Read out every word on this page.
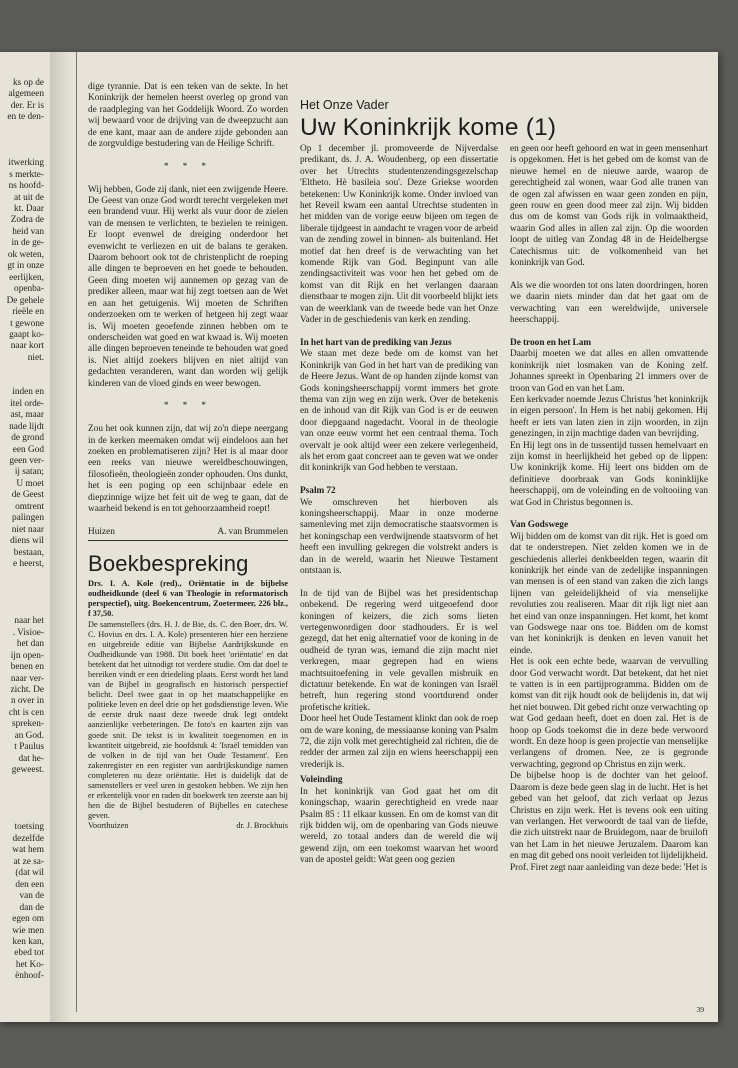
ks op de
algemeen
der. Er is
en te den-

itwerking
s merkte-
ns hoofd-
at uit de
kt. Daar
Zodra de
heid van
in de ge-
ok weten,
gt in onze
eerlijken,
openba-
De gehele
rieële en
t gewone
gaapt ko-
naar kort
niet.

inden en
itel orde-
ast, maar
nade lijdt
de grond
een God
geen ver-
ij satan;
U moet
de Geest
omtrent
palingen
niet naar
diens wil
bestaan,
e heerst,

naar het
. Visioe-
het dan
ijn open-
benen en
naar ver-
zicht. De
n over in
cht is cen
spreken-
an God.
t Paulus
dat he-
geweest.

toetsing
dezelfde
wat hem
at ze sa-
(dat wil
den een
van de
dan de
egen om
wie men
ken kan,
ebed tot
het Ko-
ënhoof-

dige tyrannie. Dat is een teken van de sekte. In het Koninkrijk der hemelen heerst overleg op grond van de raadpleging van het Goddelijk Woord. Zo worden wij bewaard voor de drijving van de dweepzucht aan de ene kant, maar aan de andere zijde gebonden aan de zorgvuldige bestudering van de Heilige Schrift.

* * *

Wij hebben, Gode zij dank, niet een zwijgende Heere. De Geest van onze God wordt terecht vergeleken met een brandend vuur. Hij werkt als vuur door de zielen van de mensen te verlichten, te bezielen te reinigen. Er loopt evenwel de dreiging onderdoor het evenwicht te verliezen en uit de balans te geraken. Daarom behoort ook tot de christenplicht de roeping alle dingen te beproeven en het goede te behouden. Geen ding moeten wij aannemen op gezag van de prediker alleen, maar wat hij zegt toetsen aan de Wet en aan het getuigenis. Wij moeten de Schriften onderzoeken om te werken of hetgeen hij zegt waar is. Wij moeten geoefende zinnen hebben om te onderscheiden wat goed en wat kwaad is. Wij moeten alle dingen beproeven teneinde te behouden wat goed is. Niet altijd zoekers blijven en niet altijd van gedachten veranderen, want dan worden wij gelijk kinderen van de vloed ginds en weer bewogen.

* * *

Zou het ook kunnen zijn, dat wij zo'n diepe neergang in de kerken meemaken omdat wij eindeloos aan het zoeken en problematiseren zijn? Het is al maar door een reeks van nieuwe wereldbeschouwingen, filosofieën, theologieën zonder ophouden. Ons dunkt, het is een poging op een schijnbaar edele en diepzinnige wijze het feit uit de weg te gaan, dat de waarheid bekend is en tot gehoorzaamheid roept!

Huizen	A. van Brummelen
Boekbespreking

Drs. I. A. Kole (red)., Oriëntatie in de bijbelse oudheidkunde (deel 6 van Theologie in reformatorisch perspectief), uitg. Boekencentrum, Zoetermeer, 226 blz., f 37,50.

De samenstellers (drs. H. J. de Bie, ds. C. den Boer, drs. W. C. Hovius en drs. I. A. Kole) presenteren hier een herziene en uitgebreide editie van Bijbelse Aardrijkskunde en Oudheidkunde van 1988. Dit boek heet 'oriëntatie' en dat betekent dat het uitnodigt tot verdere studie. Om dat doel te bereiken vindt er een driedeling plaats. Eerst wordt het land van de Bijbel in geografisch en historisch perspectief belicht. Deel twee gaat in op het maatschappelijke en politieke leven en deel drie op het godsdienstige leven. Wie de eerste druk naast deze tweede druk legt ontdekt aanzienlijke verbeteringen. De foto's en kaarten zijn van goede snit. De tekst is in kwaliteit toegenomen en in kwantiteit uitgebreid, zie hoofdstuk 4: 'Israël temidden van de volken in de tijd van het Oude Testament'. Een zakenregister en een register van aardrijkskundige namen completeren nu deze oriëntatie. Het is duidelijk dat de samenstellers er veel uren in gestoken hebben. We zijn hen er erkentelijk voor en raden dit boekwerk ten zeerste aan bij hen die de Bijbel bestuderen of Bijbelles en catechese geven.

Voorthuizen	dr. J. Brockhuis
Het Onze Vader
Uw Koninkrijk kome (1)

Op 1 december jl. promoveerde de Nijverdalse predikant, ds. J. A. Woudenberg, op een dissertatie over het Utrechts studentenzendingsgezelschap 'Eltheto. Hè basileia sou'. Deze Griekse woorden betekenen: Uw Koninkrijk kome. Onder invloed van het Reveil kwam een aantal Utrechtse studenten in het midden van de vorige eeuw bijeen om tegen de liberale tijdgeest in aandacht te vragen voor de arbeid van de zending zowel in binnen- als buitenland. Het motief dat hen dreef is de verwachting van het komende Rijk van God. Beginpunt van alle zendingsactiviteit was voor hen het gebed om de komst van dit Rijk en het verlangen daaraan dienstbaar te mogen zijn. Uit dit voorbeeld blijkt iets van de weerklank van de tweede bede van het Onze Vader in de geschiedenis van kerk en zending.

In het hart van de prediking van Jezus

We staan met deze bede om de komst van het Koninkrijk van God in het hart van de prediking van de Heere Jezus. Want de op handen zijnde komst van Gods koningsheerschappij vormt immers het grote thema van zijn weg en zijn werk. Over de betekenis en de inhoud van dit Rijk van God is er de eeuwen door diepgaand nagedacht. Vooral in de theologie van onze eeuw vormt het een centraal thema. Toch overvalt je ook altijd weer een zekere verlegenheid, als het erom gaat concreet aan te geven wat we onder dit koninkrijk van God hebben te verstaan.

Psalm 72

We omschreven het hierboven als koningsheerschappij. Maar in onze moderne samenleving met zijn democratische staatsvormen is het koningschap een verdwijnende staatsvorm of het heeft een invulling gekregen die volstrekt anders is dan in de wereld, waarin het Nieuwe Testament ontstaan is.

In de tijd van de Bijbel was het presidentschap onbekend. De regering werd uitgeoefend door koningen of keizers, die zich soms lieten vertegenwoordigen door stadhouders. Er is wel gezegd, dat het enig alternatief voor de koning in de oudheid de tyran was, iemand die zijn macht niet verkregen, maar gegrepen had en wiens machtsuitoefening in vele gevallen misbruik en dictatuur betekende. En wat de koningen van Israël betreft, hun regering stond voortdurend onder profetische kritiek.

Door heel het Oude Testament klinkt dan ook de roep om de ware koning, de messiaanse koning van Psalm 72, die zijn volk met gerechtigheid zal richten, die de redder der armen zal zijn en wiens heerschappij een vrederijk is.

Voleinding

In het koninkrijk van God gaat het om dit koningschap, waarin gerechtigheid en vrede naar Psalm 85 : 11 elkaar kussen. En om de komst van dit rijk bidden wij, om de openbaring van Gods nieuwe wereld, zo totaal anders dan de wereld die wij gewend zijn, om een toekomst waarvan het woord van de apostel geldt: Wat geen oog gezien

en geen oor heeft gehoord en wat in geen mensenhart is opgekomen. Het is het gebed om de komst van de nieuwe hemel en de nieuwe aarde, waarop de gerechtigheid zal wonen, waar God alle tranen van de ogen zal afwissen en waar geen zonden en pijn, geen rouw en geen dood meer zal zijn. Wij bidden dus om de komst van Gods rijk in volmaaktheid, waarin God alles in allen zal zijn. Op die woorden loopt de uitleg van Zondag 48 in de Heidelbergse Catechismus uit: de volkomenheid van het koninkrijk van God.

Als we die woorden tot ons laten doordringen, horen we daarin niets minder dan dat het gaat om de verwachting van een wereldwijde, universele heerschappij.

De troon en het Lam

Daarbij moeten we dat alles en allen omvattende koninkrijk niet losmaken van de Koning zelf. Johannes spreekt in Openbaring 21 immers over de troon van God en van het Lam.

Een kerkvader noemde Jezus Christus 'het koninkrijk in eigen persoon'. In Hem is het nabij gekomen. Hij heeft er iets van laten zien in zijn woorden, in zijn genezingen, in zijn machtige daden van bevrijding.

En Hij legt ons in de tussentijd tussen hemelvaart en zijn komst in heerlijkheid het gebed op de lippen: Uw koninkrijk kome. Hij leert ons bidden om de definitieve doorbraak van Gods koninklijke heerschappij, om de voleinding en de voltooiing van wat God in Christus begonnen is.

Van Godswege

Wij bidden om de komst van dit rijk. Het is goed om dat te onderstrepen. Niet zelden komen we in de geschiedenis allerlei denkbeelden tegen, waarin dit koninkrijk het einde van de zedelijke inspanningen van mensen is of een stand van zaken die zich langs lijnen van geleidelijkheid of via menselijke revoluties zou realiseren. Maar dit rijk ligt niet aan het eind van onze inspanningen. Het komt, het komt van Godswege naar ons toe. Bidden om de komst van het koninkrijk is denken en leven vanuit het einde.

Het is ook een echte bede, waarvan de vervulling door God verwacht wordt. Dat betekent, dat het niet te vatten is in een partijprogramma. Bidden om de komst van dit rijk houdt ook de belijdenis in, dat wij het niet bouwen. Dit gebed richt onze verwachting op wat God gedaan heeft, doet en doen zal. Het is de hoop op Gods toekomst die in deze bede verwoord wordt. En deze hoop is geen projectie van menselijke verlangens of dromen. Nee, ze is gegronde verwachting, gegrond op Christus en zijn werk.

De bijbelse hoop is de dochter van het geloof. Daarom is deze bede geen slag in de lucht. Het is het gebed van het geloof, dat zich verlaat op Jezus Christus en zijn werk. Het is tevens ook een uiting van verlangen. Het verwoordt de taal van de liefde, die zich uitstrekt naar de Bruidegom, naar de bruiloft van het Lam in het nieuwe Jeruzalem. Daarom kan en mag dit gebed ons nooit verleiden tot lijdelijkheid. Prof. Firet zegt naar aanleiding van deze bede: 'Het is

39
